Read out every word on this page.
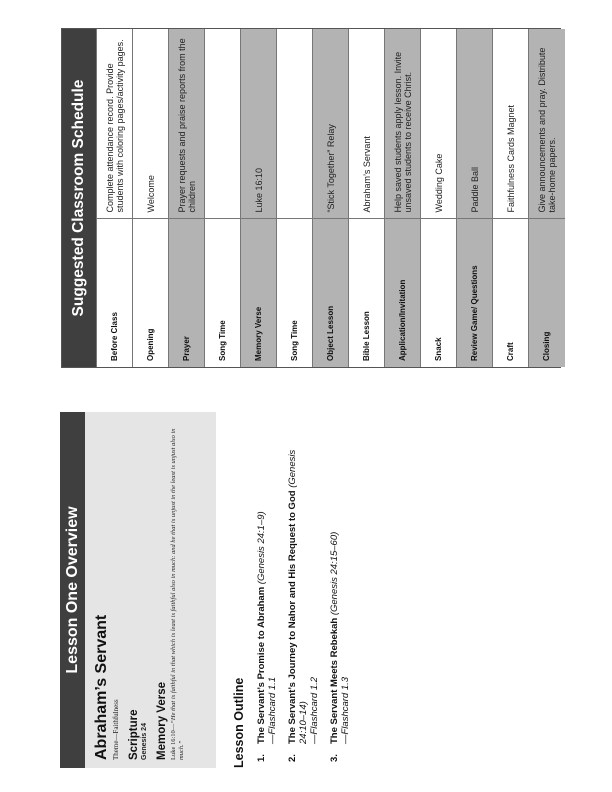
Lesson One Overview
Abraham’s Servant Theme—Faithfulness Scripture Genesis 24 Memory Verse Luke 16:10—“He that is faithful in that which is least is faithful also in much: and he that is unjust in the least is unjust also in much.”	Lesson Outline 1.
The Servant’s Promise to Abraham (Genesis 24:1–9)
—Flashcard 1.1
2.
The Servant’s Journey to Nahor and His Request to God (Genesis 24:10–14) —Flashcard 1.2
3.
The Servant Meets Rebekah (Genesis 24:15–60)
—Flashcard 1.3
Suggested Classroom Schedule
Before Class	Complete attendance record. Provide students with coloring pages/activity pages.
Opening	Welcome
Prayer	Prayer requests and praise reports from the children
Song Time	
Memory Verse	Luke 16:10
Song Time	
Object Lesson	“Stick Together” Relay
Bible Lesson	Abraham’s Servant
Application/Invitation	Help saved students apply lesson. Invite unsaved students to receive Christ.
Snack	Wedding Cake
Review Game/ Questions	Paddle Ball
Craft	Faithfulness Cards Magnet
Closing	Give announcements and pray. Distribute take-home papers.
